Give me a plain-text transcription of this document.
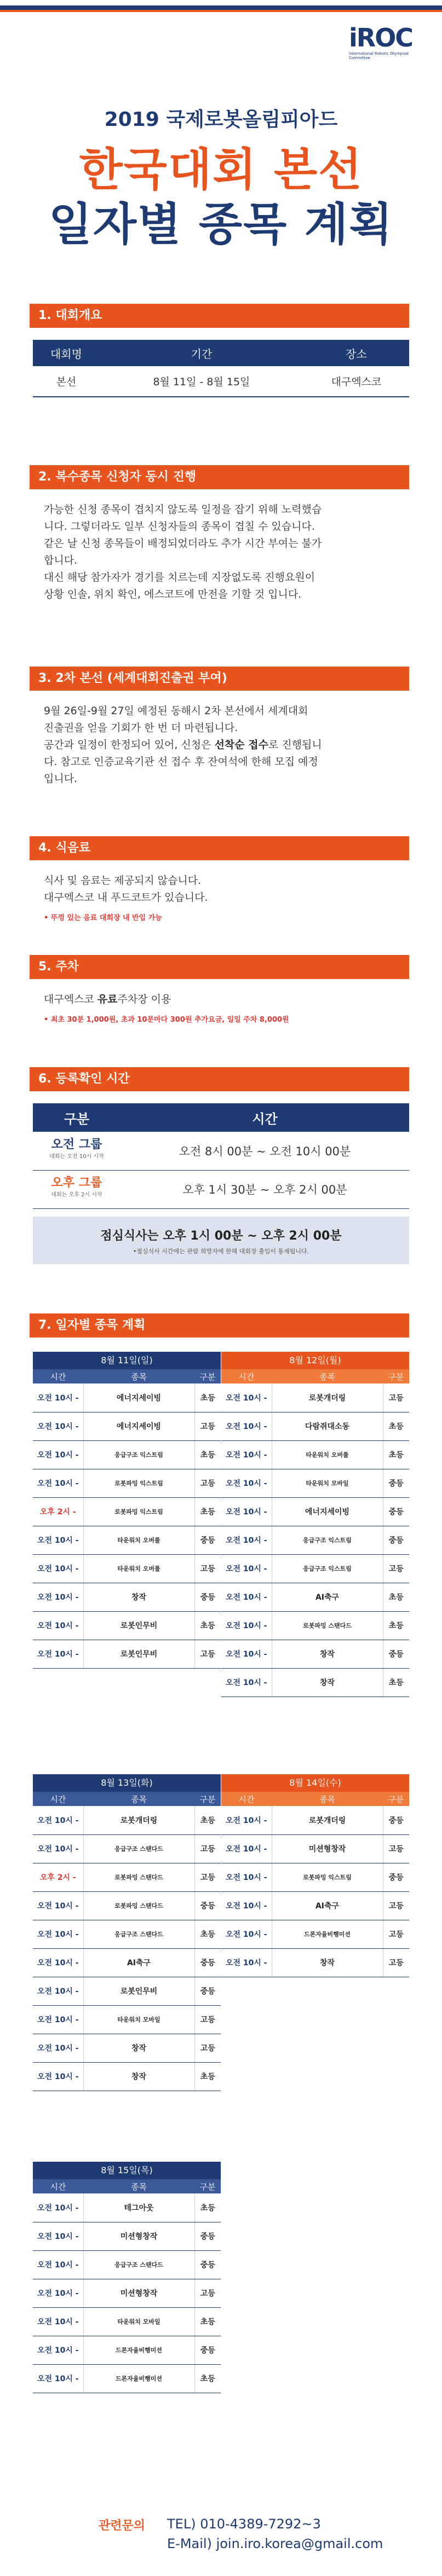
iROC
International Robotic Olympiad Committee
2019 국제로봇올림피아드
한국대회 본선
일자별 종목 계획
1. 대회개요
대회명	기간	장소
본선	8월 11일 - 8월 15일	대구엑스코
2. 복수종목 신청자 동시 진행
가능한 신청 종목이 겹치지 않도록 일정을 잡기 위해 노력했습
니다. 그렇더라도 일부 신청자들의 종목이 겹칠 수 있습니다.
같은 날 신청 종목들이 배정되었더라도 추가 시간 부여는 불가
합니다.
대신 해당 참가자가 경기를 치르는데 지장없도록 진행요원이
상황 인솔, 위치 확인, 에스코트에 만전을 기할 것 입니다.
3. 2차 본선 (세계대회진출권 부여)
9월 26일-9월 27일 예정된 동해시 2차 본선에서 세계대회
진출권을 얻을 기회가 한 번 더 마련됩니다.
공간과 일정이 한정되어 있어, 신청은 선착순 접수로 진행됩니
다. 참고로 인증교육기관 선 접수 후 잔여석에 한해 모집 예정
입니다.
4. 식음료
식사 및 음료는 제공되지 않습니다.
대구엑스코 내 푸드코트가 있습니다.
• 뚜껑 있는 음료 대회장 내 반입 가능
5. 주차
대구엑스코 유료주차장 이용
• 최초 30분 1,000원, 초과 10분마다 300원 추가요금, 일일 주차 8,000원
6. 등록확인 시간
구분	시간

오전 그룹
대회는 오전 10시 시작	오전 8시 00분 ~ 오전 10시 00분

오후 그룹
대회는 오후 2시 시작	오후 1시 30분 ~ 오후 2시 00분
점심식사는 오후 1시 00분 ~ 오후 2시 00분
•점심식사 시간에는 관람 희망자에 한해 대회장 출입이 통제됩니다.
7. 일자별 종목 계획
8월 11일(일)
시간	종목	구분
오전 10시 -	에너지세이빙	초등
오전 10시 -	에너지세이빙	고등
오전 10시 -	응급구조 익스트림	초등
오전 10시 -	로봇파밍 익스트림	고등
오후 2시 -	로봇파밍 익스트림	초등
오전 10시 -	타운워치 오버룰	중등
오전 10시 -	타운워치 오버룰	고등
오전 10시 -	창작	중등
오전 10시 -	로봇인무비	초등
오전 10시 -	로봇인무비	고등
8월 12일(월)
시간	종목	구분
오전 10시 -	로봇개더링	고등
오전 10시 -	다람쥐대소동	초등
오전 10시 -	타운워치 오버룰	초등
오전 10시 -	타운워치 모바일	중등
오전 10시 -	에너지세이빙	중등
오전 10시 -	응급구조 익스트림	중등
오전 10시 -	응급구조 익스트림	고등
오전 10시 -	AI축구	초등
오전 10시 -	로봇파밍 스탠다드	초등
오전 10시 -	창작	중등
오전 10시 -	창작	초등
8월 13일(화)
시간	종목	구분
오전 10시 -	로봇개더링	초등
오전 10시 -	응급구조 스탠다드	고등
오후 2시 -	로봇파밍 스탠다드	고등
오전 10시 -	로봇파밍 스탠다드	중등
오전 10시 -	응급구조 스탠다드	초등
오전 10시 -	AI축구	중등
오전 10시 -	로봇인무비	중등
오전 10시 -	타운워치 모바일	고등
오전 10시 -	창작	고등
오전 10시 -	창작	초등
8월 14일(수)
시간	종목	구분
오전 10시 -	로봇개더링	중등
오전 10시 -	미션형창작	고등
오전 10시 -	로봇파밍 익스트림	중등
오전 10시 -	AI축구	고등
오전 10시 -	드론자율비행미션	고등
오전 10시 -	창작	고등
8월 15일(목)
시간	종목	구분
오전 10시 -	테그아웃	초등
오전 10시 -	미션형창작	중등
오전 10시 -	응급구조 스탠다드	중등
오전 10시 -	미션형창작	고등
오전 10시 -	타운워치 모바일	초등
오전 10시 -	드론자율비행미션	중등
오전 10시 -	드론자율비행미션	초등
관련문의 TEL) 010-4389-7292~3
E-Mail) join.iro.korea@gmail.com
